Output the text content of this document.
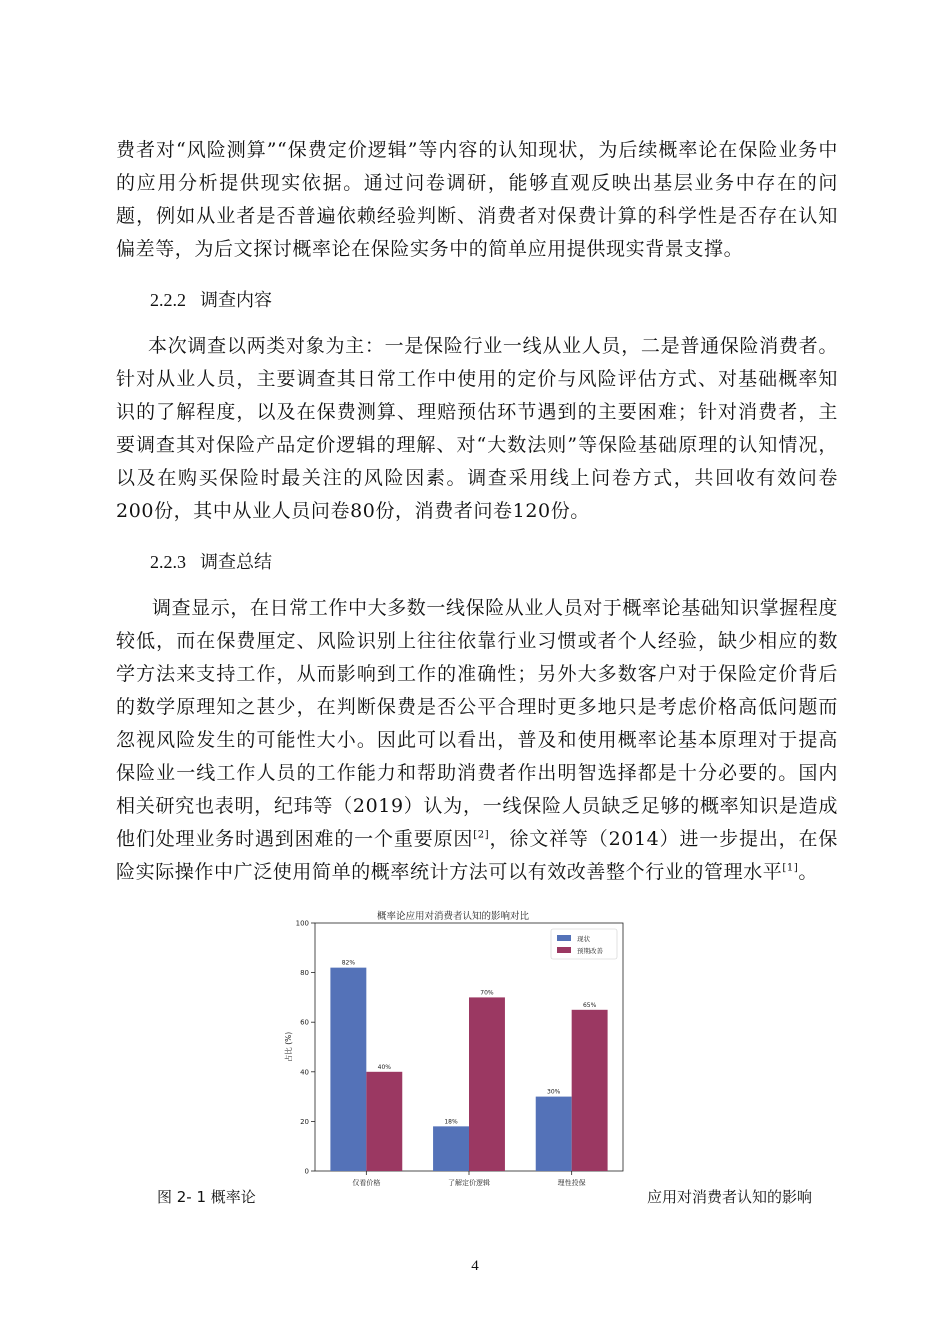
费者对“风险测算”“保费定价逻辑”等内容的认知现状，为后续概率论在保险业务中的应用分析提供现实依据。通过问卷调研，能够直观反映出基层业务中存在的问题，例如从业者是否普遍依赖经验判断、消费者对保费计算的科学性是否存在认知偏差等，为后文探讨概率论在保险实务中的简单应用提供现实背景支撑。
2.2.2 调查内容
本次调查以两类对象为主：一是保险行业一线从业人员，二是普通保险消费者。针对从业人员，主要调查其日常工作中使用的定价与风险评估方式、对基础概率知识的了解程度，以及在保费测算、理赔预估环节遇到的主要困难；针对消费者，主要调查其对保险产品定价逻辑的理解、对“大数法则”等保险基础原理的认知情况，以及在购买保险时最关注的风险因素。调查采用线上问卷方式，共回收有效问卷200份，其中从业人员问卷80份，消费者问卷120份。
2.2.3 调查总结
调查显示，在日常工作中大多数一线保险从业人员对于概率论基础知识掌握程度较低，而在保费厘定、风险识别上往往依靠行业习惯或者个人经验，缺少相应的数学方法来支持工作，从而影响到工作的准确性；另外大多数客户对于保险定价背后的数学原理知之甚少，在判断保费是否公平合理时更多地只是考虑价格高低问题而忽视风险发生的可能性大小。因此可以看出，普及和使用概率论基本原理对于提高保险业一线工作人员的工作能力和帮助消费者作出明智选择都是十分必要的。国内相关研究也表明，纪玮等（2019）认为，一线保险人员缺乏足够的概率知识是造成他们处理业务时遇到困难的一个重要原因[2]，徐文祥等（2014）进一步提出，在保险实际操作中广泛使用简单的概率统计方法可以有效改善整个行业的管理水平[1]。
概率论应用对消费者认知的影响对比
占比 (%)
0
20
40
60
80
100
仅看价格
82%
40%
了解定价逻辑
18%
70%
理性投保
30%
65%
现状
预期改善
图 2- 1 概率论	应用对消费者认知的影响
4
